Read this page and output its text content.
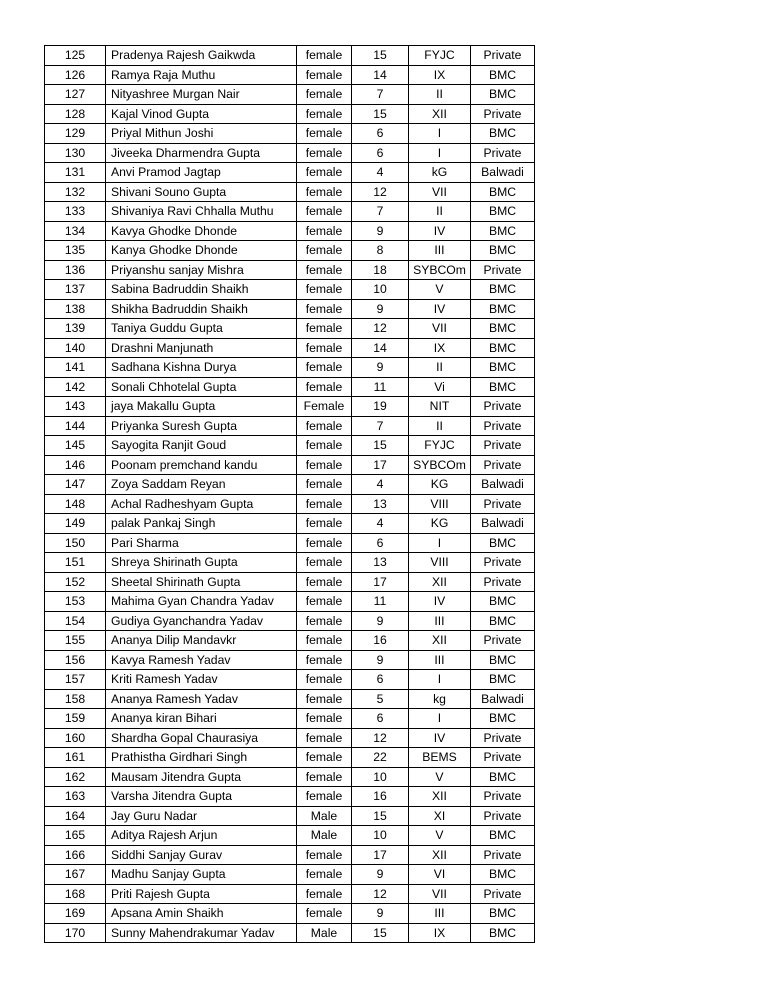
125	Pradenya Rajesh Gaikwda	female	15	FYJC	Private
126	Ramya Raja Muthu	female	14	IX	BMC
127	Nityashree Murgan Nair	female	7	II	BMC
128	Kajal Vinod Gupta	female	15	XII	Private
129	Priyal Mithun Joshi	female	6	I	BMC
130	Jiveeka Dharmendra Gupta	female	6	I	Private
131	Anvi Pramod Jagtap	female	4	kG	Balwadi
132	Shivani Souno Gupta	female	12	VII	BMC
133	Shivaniya Ravi Chhalla Muthu	female	7	II	BMC
134	Kavya Ghodke Dhonde	female	9	IV	BMC
135	Kanya Ghodke Dhonde	female	8	III	BMC
136	Priyanshu sanjay Mishra	female	18	SYBCOm	Private
137	Sabina Badruddin Shaikh	female	10	V	BMC
138	Shikha Badruddin Shaikh	female	9	IV	BMC
139	Taniya Guddu Gupta	female	12	VII	BMC
140	Drashni Manjunath	female	14	IX	BMC
141	Sadhana Kishna Durya	female	9	II	BMC
142	Sonali Chhotelal Gupta	female	11	Vi	BMC
143	jaya Makallu Gupta	Female	19	NIT	Private
144	Priyanka Suresh Gupta	female	7	II	Private
145	Sayogita Ranjit Goud	female	15	FYJC	Private
146	Poonam premchand kandu	female	17	SYBCOm	Private
147	Zoya Saddam Reyan	female	4	KG	Balwadi
148	Achal Radheshyam Gupta	female	13	VIII	Private
149	palak Pankaj Singh	female	4	KG	Balwadi
150	Pari Sharma	female	6	I	BMC
151	Shreya Shirinath Gupta	female	13	VIII	Private
152	Sheetal Shirinath Gupta	female	17	XII	Private
153	Mahima Gyan Chandra Yadav	female	11	IV	BMC
154	Gudiya Gyanchandra Yadav	female	9	III	BMC
155	Ananya Dilip Mandavkr	female	16	XII	Private
156	Kavya Ramesh Yadav	female	9	III	BMC
157	Kriti Ramesh Yadav	female	6	I	BMC
158	Ananya Ramesh Yadav	female	5	kg	Balwadi
159	Ananya kiran Bihari	female	6	I	BMC
160	Shardha Gopal Chaurasiya	female	12	IV	Private
161	Prathistha Girdhari Singh	female	22	BEMS	Private
162	Mausam Jitendra Gupta	female	10	V	BMC
163	Varsha Jitendra Gupta	female	16	XII	Private
164	Jay Guru Nadar	Male	15	XI	Private
165	Aditya Rajesh Arjun	Male	10	V	BMC
166	Siddhi Sanjay Gurav	female	17	XII	Private
167	Madhu Sanjay Gupta	female	9	VI	BMC
168	Priti Rajesh Gupta	female	12	VII	Private
169	Apsana Amin Shaikh	female	9	III	BMC
170	Sunny Mahendrakumar Yadav	Male	15	IX	BMC
